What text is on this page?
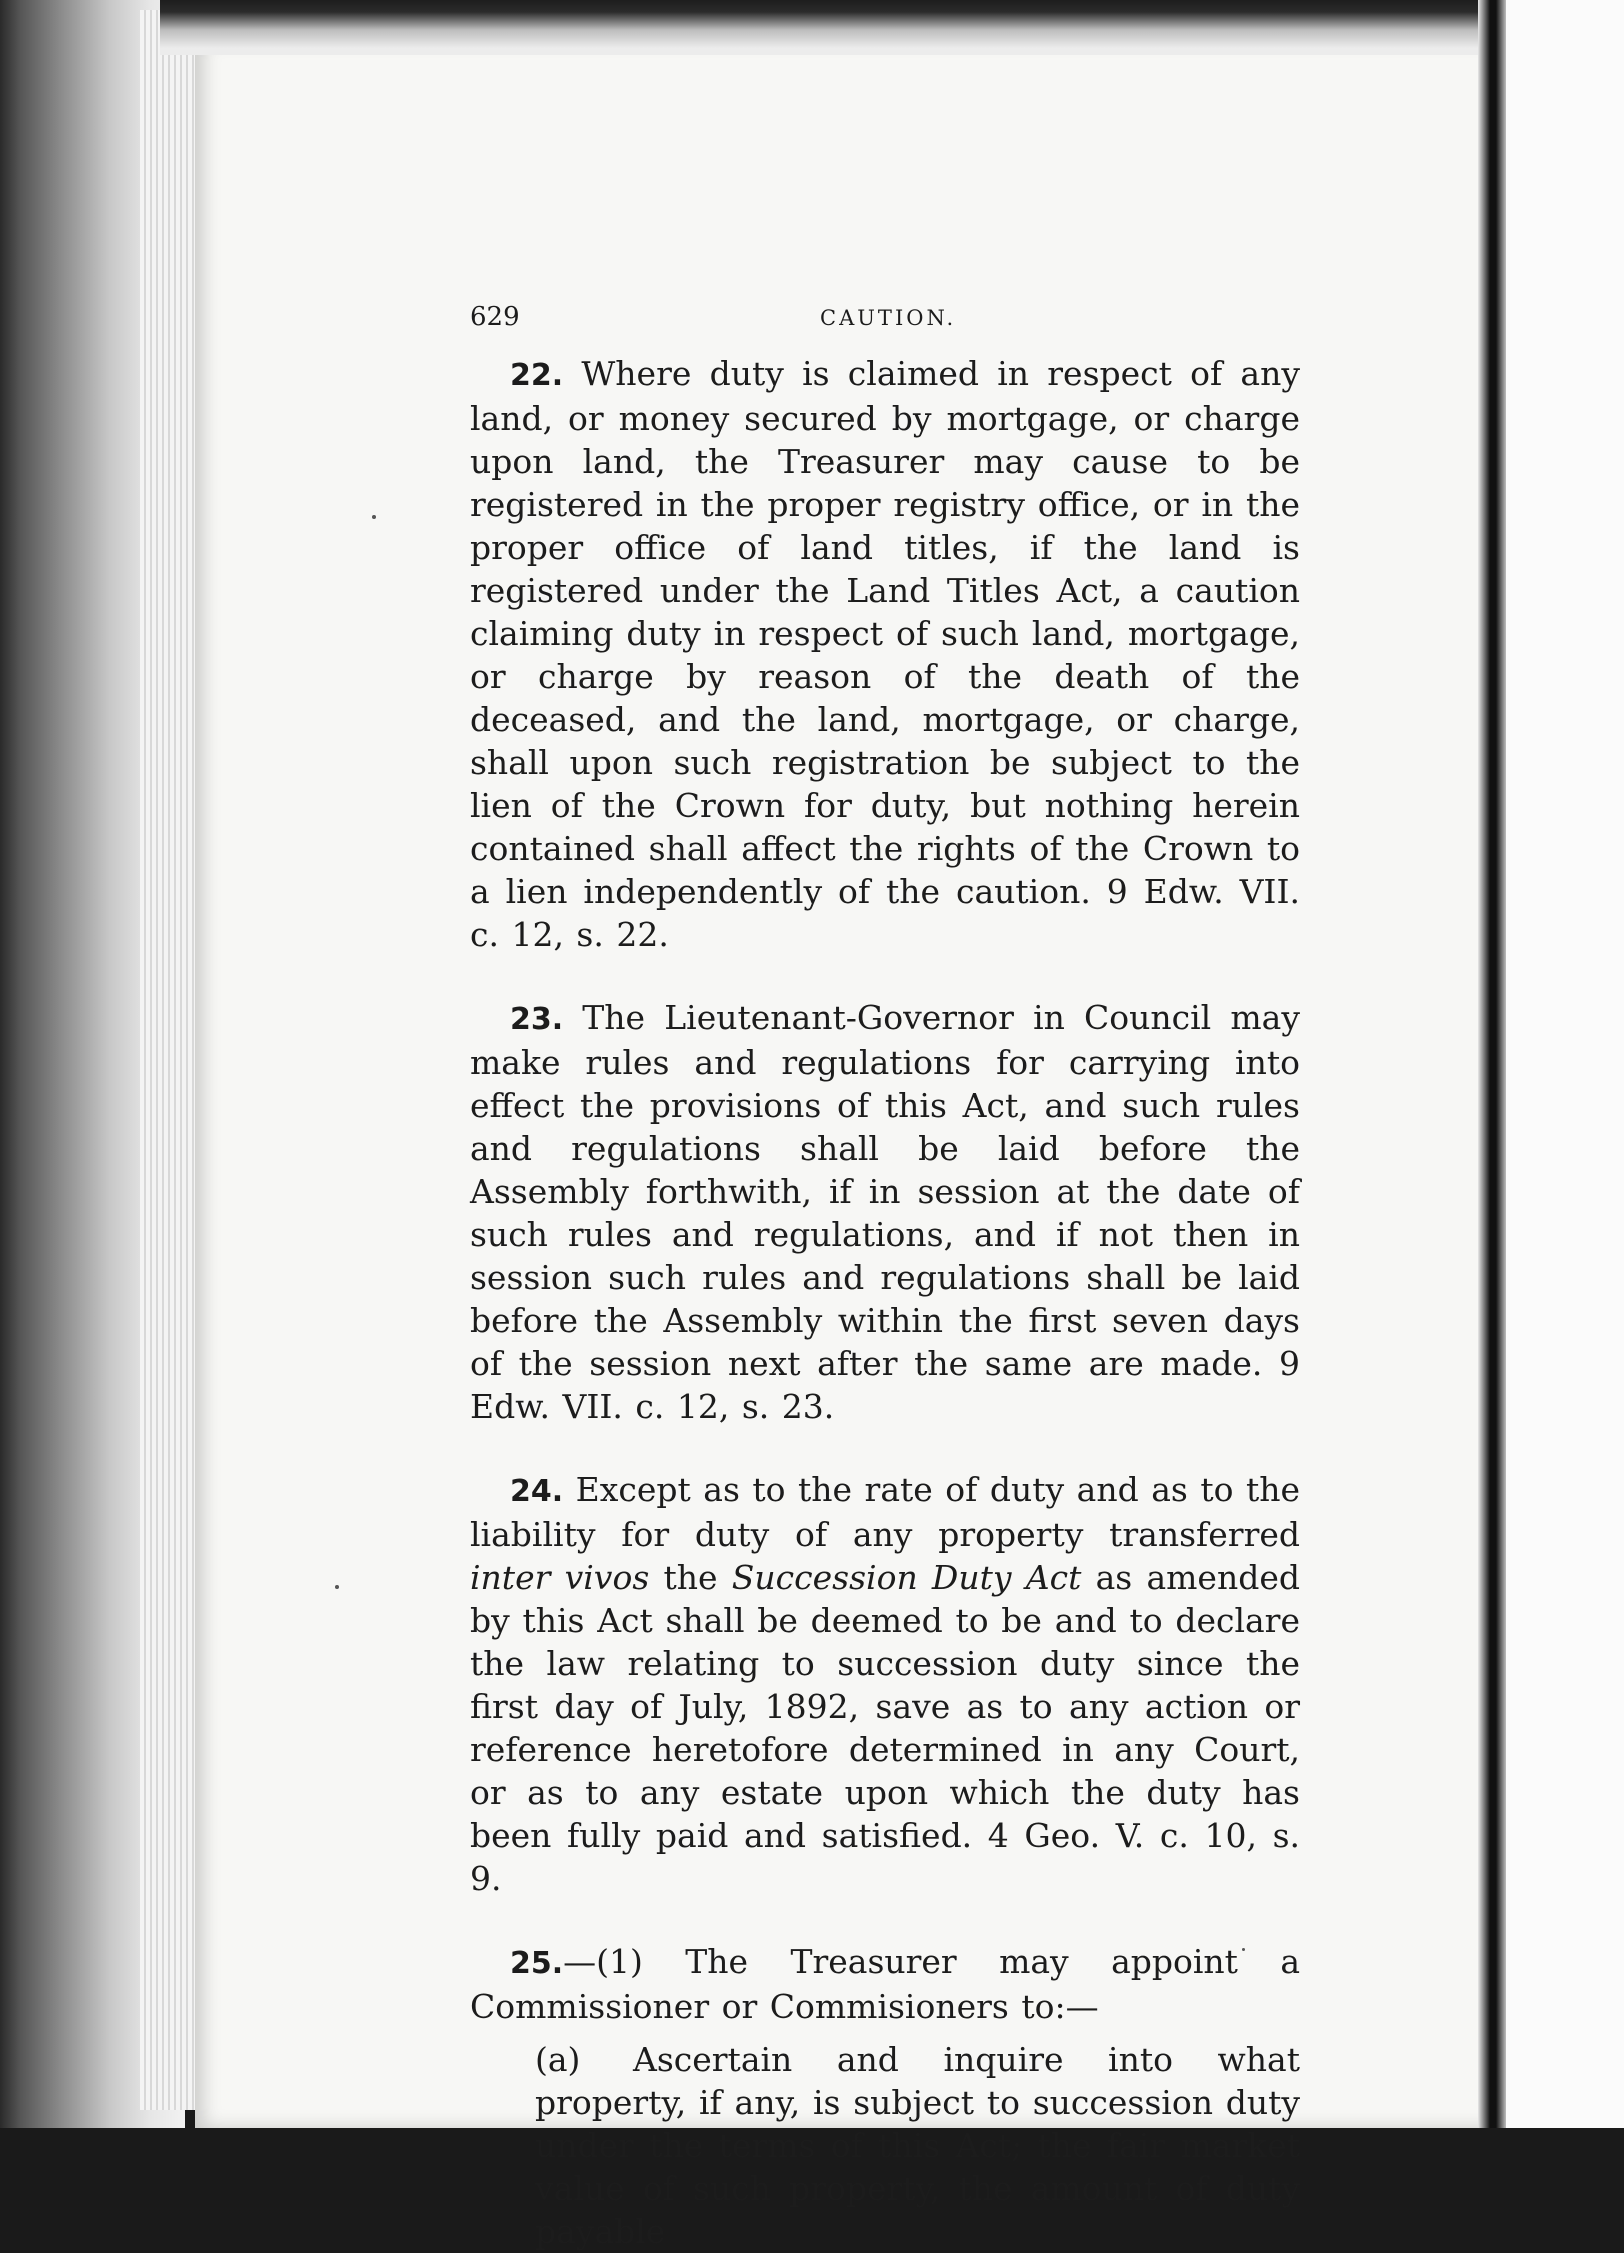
629	CAUTION.

22. Where duty is claimed in respect of any land, or money secured by mortgage, or charge upon land, the Treasurer may cause to be registered in the proper registry office, or in the proper office of land titles, if the land is registered under the Land Titles Act, a caution claiming duty in respect of such land, mortgage, or charge by reason of the death of the deceased, and the land, mortgage, or charge, shall upon such registration be subject to the lien of the Crown for duty, but nothing herein contained shall affect the rights of the Crown to a lien independently of the caution. 9 Edw. VII. c. 12, s. 22.

23. The Lieutenant-Governor in Council may make rules and regulations for carrying into effect the provisions of this Act, and such rules and regulations shall be laid before the Assembly forthwith, if in session at the date of such rules and regulations, and if not then in session such rules and regulations shall be laid before the Assembly within the first seven days of the session next after the same are made. 9 Edw. VII. c. 12, s. 23.

24. Except as to the rate of duty and as to the liability for duty of any property transferred inter vivos the Succession Duty Act as amended by this Act shall be deemed to be and to declare the law relating to succession duty since the first day of July, 1892, save as to any action or reference heretofore determined in any Court, or as to any estate upon which the duty has been fully paid and satisfied. 4 Geo. V. c. 10, s. 9.

25.—(1) The Treasurer may appoint a Commissioner or Commisioners to:—

(a) Ascertain and inquire into what property, if any, is subject to succession duty under the terms of this Act; the fair market value of such property, the amount of duty payable
